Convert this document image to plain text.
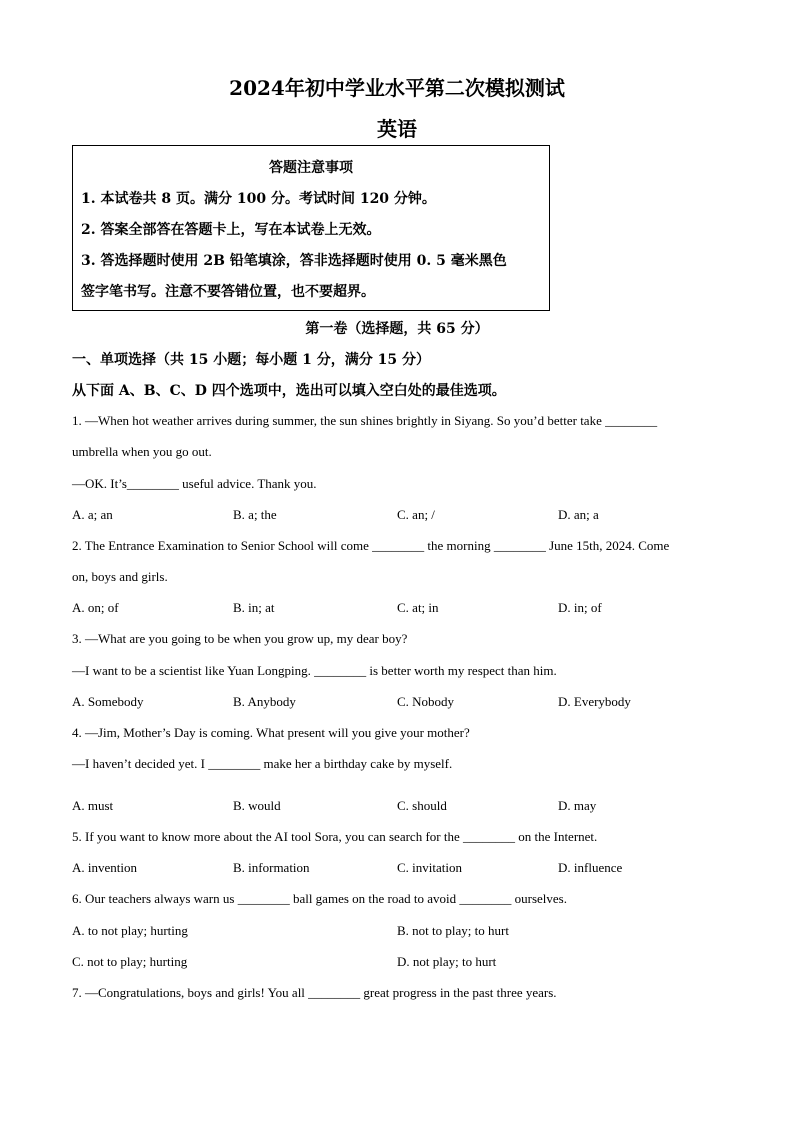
2024年初中学业水平第二次模拟测试
英语
答题注意事项
1. 本试卷共 8 页。满分 100 分。考试时间 120 分钟。
2. 答案全部答在答题卡上，写在本试卷上无效。
3. 答选择题时使用 2B 铅笔填涂，答非选择题时使用 0. 5 毫米黑色
签字笔书写。注意不要答错位置，也不要超界。
第一卷（选择题，共 65 分）
一、单项选择（共 15 小题；每小题 1 分，满分 15 分）
从下面 A、B、C、D 四个选项中，选出可以填入空白处的最佳选项。
1. —When hot weather arrives during summer, the sun shines brightly in Siyang. So you’d better take ________
umbrella when you go out.
—OK. It’s________ useful advice. Thank you.
A. a; an	B. a; the	C. an; /	D. an; a
2. The Entrance Examination to Senior School will come ________ the morning ________ June 15th, 2024. Come
on, boys and girls.
A. on; of	B. in; at	C. at; in	D. in; of
3. —What are you going to be when you grow up, my dear boy?
—I want to be a scientist like Yuan Longping. ________ is better worth my respect than him.
A. Somebody	B. Anybody	C. Nobody	D. Everybody
4. —Jim, Mother’s Day is coming. What present will you give your mother?
—I haven’t decided yet. I ________ make her a birthday cake by myself.
A. must	B. would	C. should	D. may
5. If you want to know more about the AI tool Sora, you can search for the ________ on the Internet.
A. invention	B. information	C. invitation	D. influence
6. Our teachers always warn us ________ ball games on the road to avoid ________ ourselves.
A. to not play; hurting	B. not to play; to hurt
C. not to play; hurting	D. not play; to hurt
7. —Congratulations, boys and girls! You all ________ great progress in the past three years.
